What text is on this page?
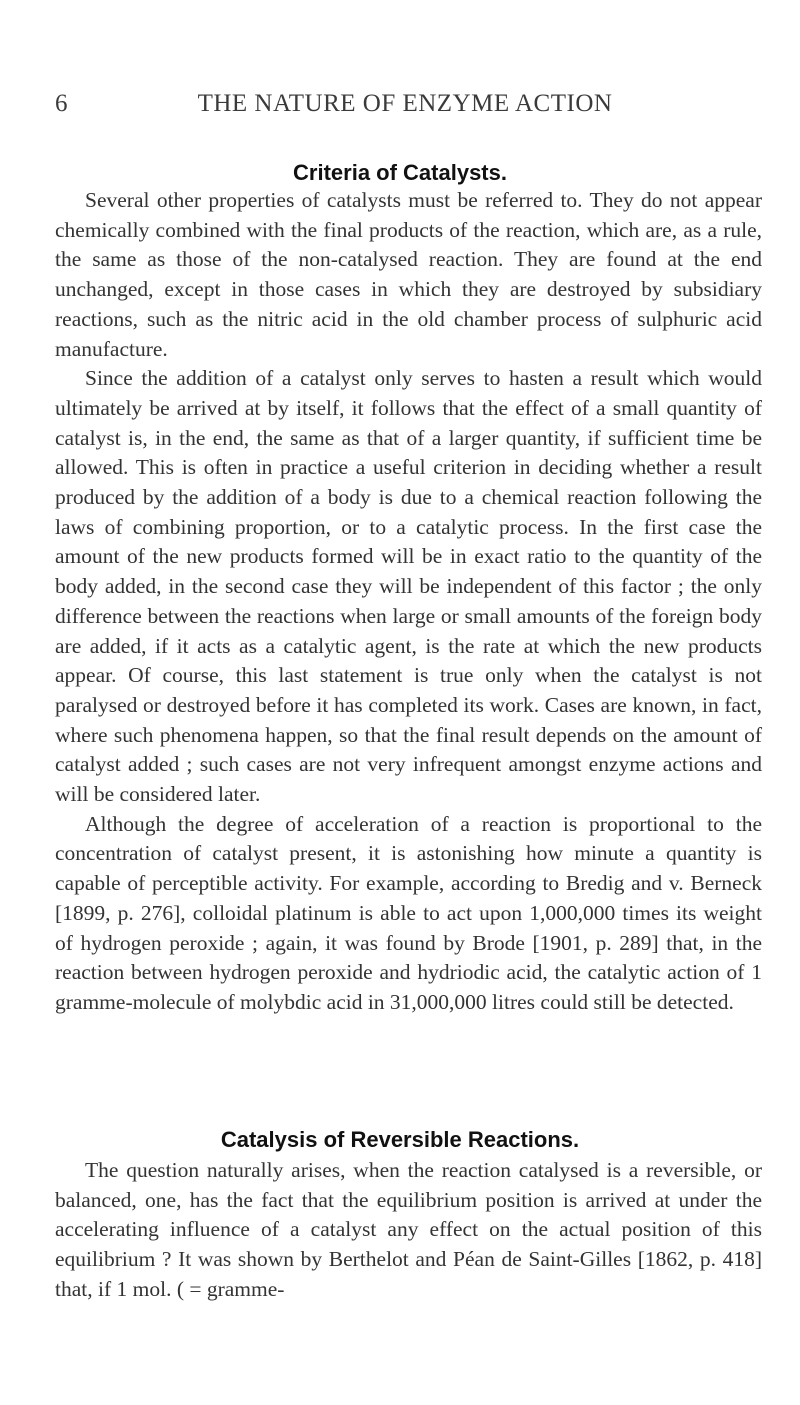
6	THE NATURE OF ENZYME ACTION
Criteria of Catalysts.

Several other properties of catalysts must be referred to. They do not appear chemically combined with the final products of the reaction, which are, as a rule, the same as those of the non-catalysed reaction. They are found at the end unchanged, except in those cases in which they are destroyed by subsidiary reactions, such as the nitric acid in the old chamber process of sulphuric acid manufacture.

Since the addition of a catalyst only serves to hasten a result which would ultimately be arrived at by itself, it follows that the effect of a small quantity of catalyst is, in the end, the same as that of a larger quantity, if sufficient time be allowed. This is often in practice a useful criterion in deciding whether a result produced by the addition of a body is due to a chemical reaction following the laws of combining proportion, or to a catalytic process. In the first case the amount of the new products formed will be in exact ratio to the quantity of the body added, in the second case they will be independent of this factor ; the only difference between the reactions when large or small amounts of the foreign body are added, if it acts as a catalytic agent, is the rate at which the new products appear. Of course, this last statement is true only when the catalyst is not paralysed or destroyed before it has completed its work. Cases are known, in fact, where such phenomena happen, so that the final result depends on the amount of catalyst added ; such cases are not very infrequent amongst enzyme actions and will be considered later.

Although the degree of acceleration of a reaction is proportional to the concentration of catalyst present, it is astonishing how minute a quantity is capable of perceptible activity. For example, according to Bredig and v. Berneck [1899, p. 276], colloidal platinum is able to act upon 1,000,000 times its weight of hydrogen peroxide ; again, it was found by Brode [1901, p. 289] that, in the reaction between hydrogen peroxide and hydriodic acid, the catalytic action of 1 gramme-molecule of molybdic acid in 31,000,000 litres could still be detected.

Catalysis of Reversible Reactions.

The question naturally arises, when the reaction catalysed is a reversible, or balanced, one, has the fact that the equilibrium position is arrived at under the accelerating influence of a catalyst any effect on the actual position of this equilibrium ? It was shown by Berthelot and Péan de Saint-Gilles [1862, p. 418] that, if 1 mol. ( = gramme-
